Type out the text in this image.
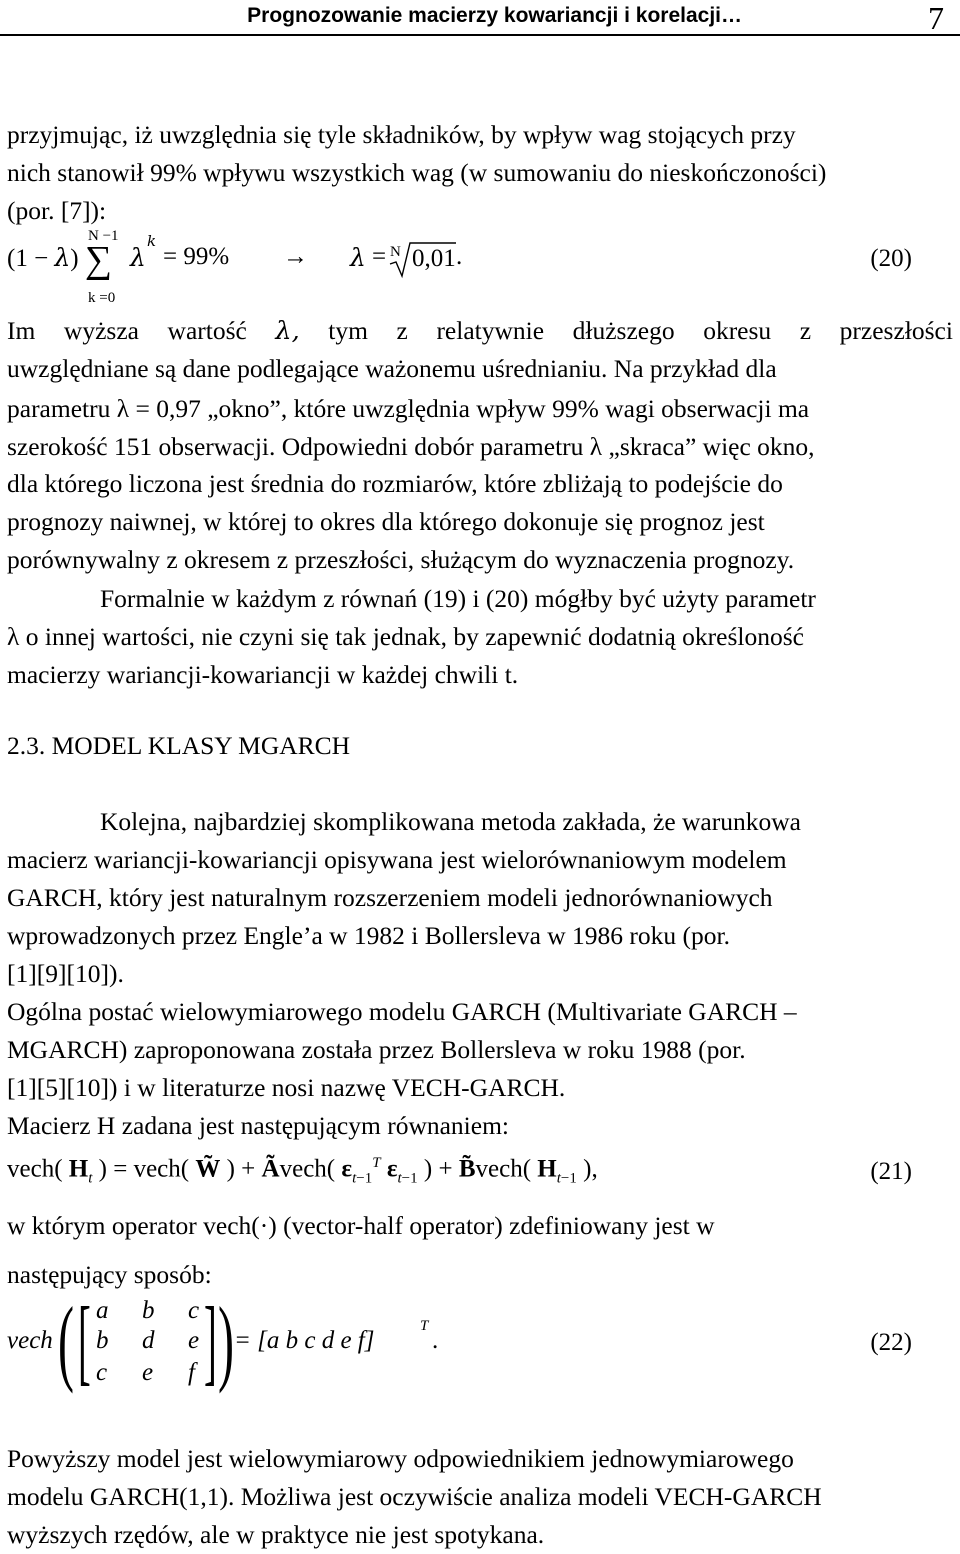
Prognozowanie macierzy kowariancji i korelacji…	7
przyjmując, iż uwzględnia się tyle składników, by wpływ wag stojących przy
nich stanowił 99% wpływu wszystkich wag (w sumowaniu do nieskończoności)
(por. [7]):
(1 − λ)
N −1
∑
k =0
λ
k
= 99% → λ = N 0,01 .	(20)
Im wyższa wartość λ, tym z relatywnie dłuższego okresu z przeszłości
uwzględniane są dane podlegające ważonemu uśrednianiu. Na przykład dla
parametru λ = 0,97 „okno”, które uwzględnia wpływ 99% wagi obserwacji ma
szerokość 151 obserwacji. Odpowiedni dobór parametru λ „skraca” więc okno,
dla którego liczona jest średnia do rozmiarów, które zbliżają to podejście do
prognozy naiwnej, w której to okres dla którego dokonuje się prognoz jest
porównywalny z okresem z przeszłości, służącym do wyznaczenia prognozy.
Formalnie w każdym z równań (19) i (20) mógłby być użyty parametr
λ o innej wartości, nie czyni się tak jednak, by zapewnić dodatnią określoność
macierzy wariancji-kowariancji w każdej chwili t.
2.3. MODEL KLASY MGARCH
Kolejna, najbardziej skomplikowana metoda zakłada, że warunkowa
macierz wariancji-kowariancji opisywana jest wielorównaniowym modelem
GARCH, który jest naturalnym rozszerzeniem modeli jednorównaniowych
wprowadzonych przez Engle’a w 1982 i Bollersleva w 1986 roku (por.
[1][9][10]).
Ogólna postać wielowymiarowego modelu GARCH (Multivariate GARCH –
MGARCH) zaproponowana została przez Bollersleva w roku 1988 (por.
[1][5][10]) i w literaturze nosi nazwę VECH-GARCH.
Macierz H zadana jest następującym równaniem:
vech( $H_t$ ) = vech( W̃ ) + Ãvech( $\varepsilon_{t-1}^T$ $\varepsilon_{t-1}$ ) + B̃vech( $H_{t-1}$ ),	(21)
w którym operator vech(·) (vector-half operator) zdefiniowany jest w
następujący sposób:
vech ( [ a b c
b d e
c e f ] ) = [a b c d e f]
T
.	(22)
Powyższy model jest wielowymiarowy odpowiednikiem jednowymiarowego
modelu GARCH(1,1). Możliwa jest oczywiście analiza modeli VECH-GARCH
wyższych rzędów, ale w praktyce nie jest spotykana.
